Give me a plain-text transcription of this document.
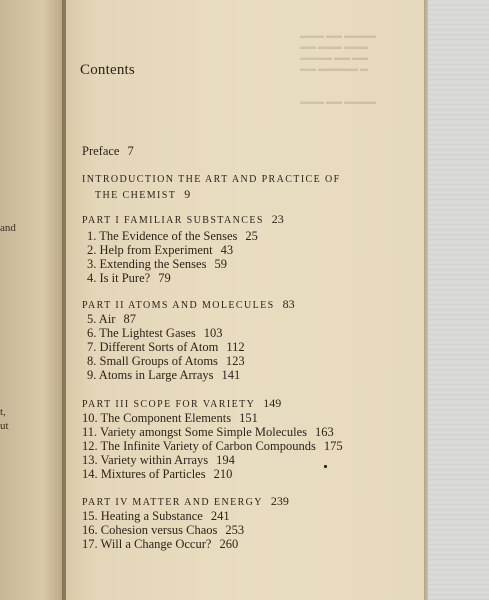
and
t,
ut
▬▬▬ ▬▬ ▬▬▬▬
▬▬ ▬▬▬ ▬▬▬
▬▬▬▬ ▬▬ ▬▬
▬▬ ▬▬▬▬▬ ▬

▬▬▬ ▬▬ ▬▬▬▬
Contents
Preface 7
INTRODUCTION THE ART AND PRACTICE OF
THE CHEMIST 9
PART I FAMILIAR SUBSTANCES 23
1. The Evidence of the Senses 25
2. Help from Experiment 43
3. Extending the Senses 59
4. Is it Pure? 79
PART II ATOMS AND MOLECULES 83
5. Air 87
6. The Lightest Gases 103
7. Different Sorts of Atom 112
8. Small Groups of Atoms 123
9. Atoms in Large Arrays 141
PART III SCOPE FOR VARIETY 149
10. The Component Elements 151
11. Variety amongst Some Simple Molecules 163
12. The Infinite Variety of Carbon Compounds 175
13. Variety within Arrays 194
14. Mixtures of Particles 210
PART IV MATTER AND ENERGY 239
15. Heating a Substance 241
16. Cohesion versus Chaos 253
17. Will a Change Occur? 260
